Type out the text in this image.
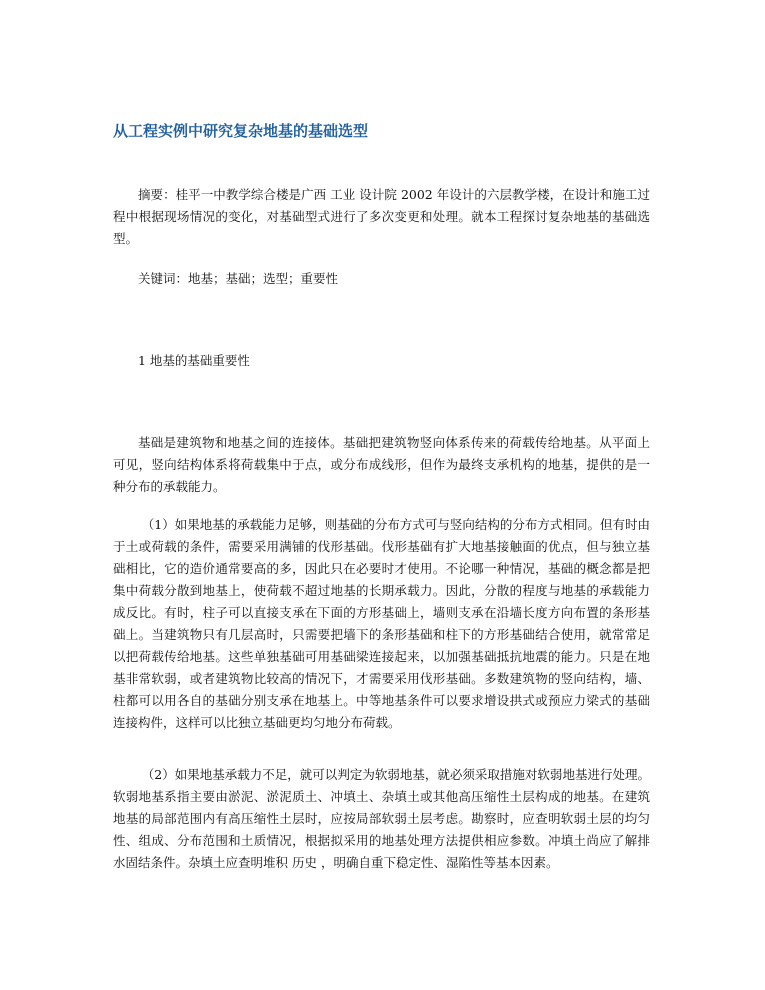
从工程实例中研究复杂地基的基础选型

摘要：桂平一中教学综合楼是广西 工业 设计院 2002 年设计的六层教学楼，在设计和施工过程中根据现场情况的变化，对基础型式进行了多次变更和处理。就本工程探讨复杂地基的基础选型。

关键词：地基；基础；选型；重要性

1 地基的基础重要性

基础是建筑物和地基之间的连接体。基础把建筑物竖向体系传来的荷载传给地基。从平面上可见，竖向结构体系将荷载集中于点，或分布成线形，但作为最终支承机构的地基，提供的是一种分布的承载能力。

（1）如果地基的承载能力足够，则基础的分布方式可与竖向结构的分布方式相同。但有时由于土或荷载的条件，需要采用满铺的伐形基础。伐形基础有扩大地基接触面的优点，但与独立基础相比，它的造价通常要高的多，因此只在必要时才使用。不论哪一种情况，基础的概念都是把集中荷载分散到地基上，使荷载不超过地基的长期承载力。因此，分散的程度与地基的承载能力成反比。有时，柱子可以直接支承在下面的方形基础上，墙则支承在沿墙长度方向布置的条形基础上。当建筑物只有几层高时，只需要把墙下的条形基础和柱下的方形基础结合使用，就常常足以把荷载传给地基。这些单独基础可用基础梁连接起来，以加强基础抵抗地震的能力。只是在地基非常软弱，或者建筑物比较高的情况下，才需要采用伐形基础。多数建筑物的竖向结构，墙、柱都可以用各自的基础分别支承在地基上。中等地基条件可以要求增设拱式或预应力梁式的基础连接构件，这样可以比独立基础更均匀地分布荷载。

（2）如果地基承载力不足，就可以判定为软弱地基，就必须采取措施对软弱地基进行处理。软弱地基系指主要由淤泥、淤泥质土、冲填土、杂填土或其他高压缩性土层构成的地基。在建筑地基的局部范围内有高压缩性土层时，应按局部软弱土层考虑。勘察时，应查明软弱土层的均匀性、组成、分布范围和土质情况，根据拟采用的地基处理方法提供相应参数。冲填土尚应了解排水固结条件。杂填土应查明堆积 历史 ，明确自重下稳定性、湿陷性等基本因素。
